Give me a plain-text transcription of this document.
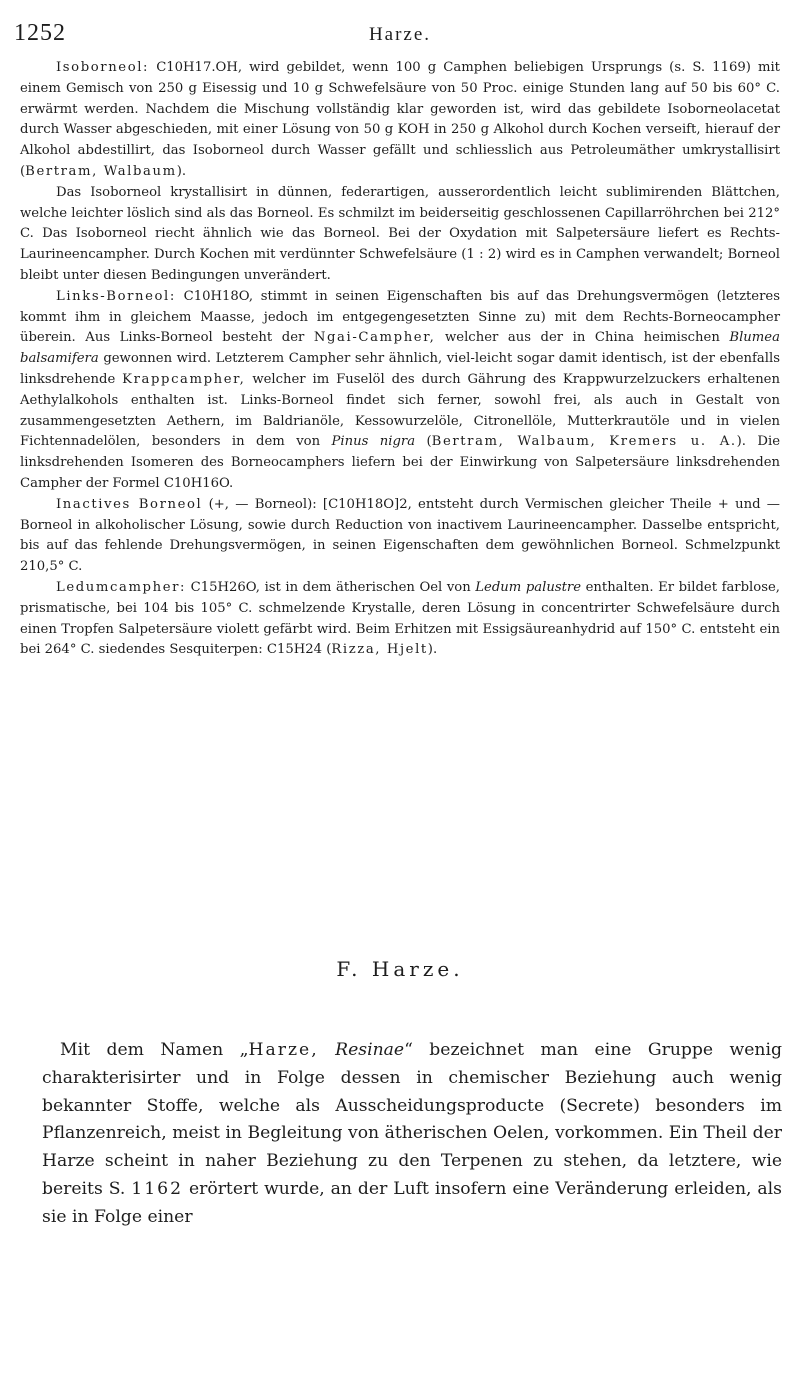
1252	Harze.

Isoborneol: C10H17.OH, wird gebildet, wenn 100 g Camphen beliebigen Ursprungs (s. S. 1169) mit einem Gemisch von 250 g Eisessig und 10 g Schwefelsäure von 50 Proc. einige Stunden lang auf 50 bis 60° C. erwärmt werden. Nachdem die Mischung vollständig klar geworden ist, wird das gebildete Isoborneolacetat durch Wasser abgeschieden, mit einer Lösung von 50 g KOH in 250 g Alkohol durch Kochen verseift, hierauf der Alkohol abdestillirt, das Isoborneol durch Wasser gefällt und schliesslich aus Petroleumäther umkrystallisirt (Bertram, Walbaum).

Das Isoborneol krystallisirt in dünnen, federartigen, ausserordentlich leicht sublimirenden Blättchen, welche leichter löslich sind als das Borneol. Es schmilzt im beiderseitig geschlossenen Capillarröhrchen bei 212° C. Das Isoborneol riecht ähnlich wie das Borneol. Bei der Oxydation mit Salpetersäure liefert es Rechts-Laurineencampher. Durch Kochen mit verdünnter Schwefelsäure (1 : 2) wird es in Camphen verwandelt; Borneol bleibt unter diesen Bedingungen unverändert.

Links-Borneol: C10H18O, stimmt in seinen Eigenschaften bis auf das Drehungsvermögen (letzteres kommt ihm in gleichem Maasse, jedoch im entgegengesetzten Sinne zu) mit dem Rechts-Borneocampher überein. Aus Links-Borneol besteht der Ngai-Campher, welcher aus der in China heimischen Blumea balsamifera gewonnen wird. Letzterem Campher sehr ähnlich, viel-leicht sogar damit identisch, ist der ebenfalls linksdrehende Krappcampher, welcher im Fuselöl des durch Gährung des Krappwurzelzuckers erhaltenen Aethylalkohols enthalten ist. Links-Borneol findet sich ferner, sowohl frei, als auch in Gestalt von zusammengesetzten Aethern, im Baldrianöle, Kessowurzelöle, Citronellöle, Mutterkrautöle und in vielen Fichtennadelölen, besonders in dem von Pinus nigra (Bertram, Walbaum, Kremers u. A.). Die linksdrehenden Isomeren des Borneocamphers liefern bei der Einwirkung von Salpetersäure linksdrehenden Campher der Formel C10H16O.

Inactives Borneol (+, — Borneol): [C10H18O]2, entsteht durch Vermischen gleicher Theile + und — Borneol in alkoholischer Lösung, sowie durch Reduction von inactivem Laurineencampher. Dasselbe entspricht, bis auf das fehlende Drehungsvermögen, in seinen Eigenschaften dem gewöhnlichen Borneol. Schmelzpunkt 210,5° C.

Ledumcampher: C15H26O, ist in dem ätherischen Oel von Ledum palustre enthalten. Er bildet farblose, prismatische, bei 104 bis 105° C. schmelzende Krystalle, deren Lösung in concentrirter Schwefelsäure durch einen Tropfen Salpetersäure violett gefärbt wird. Beim Erhitzen mit Essigsäureanhydrid auf 150° C. entsteht ein bei 264° C. siedendes Sesquiterpen: C15H24 (Rizza, Hjelt).

F. Harze.

Mit dem Namen „Harze, Resinae“ bezeichnet man eine Gruppe wenig charakterisirter und in Folge dessen in chemischer Beziehung auch wenig bekannter Stoffe, welche als Ausscheidungsproducte (Secrete) besonders im Pflanzenreich, meist in Begleitung von ätherischen Oelen, vorkommen. Ein Theil der Harze scheint in naher Beziehung zu den Terpenen zu stehen, da letztere, wie bereits S. 1162 erörtert wurde, an der Luft insofern eine Veränderung erleiden, als sie in Folge einer
